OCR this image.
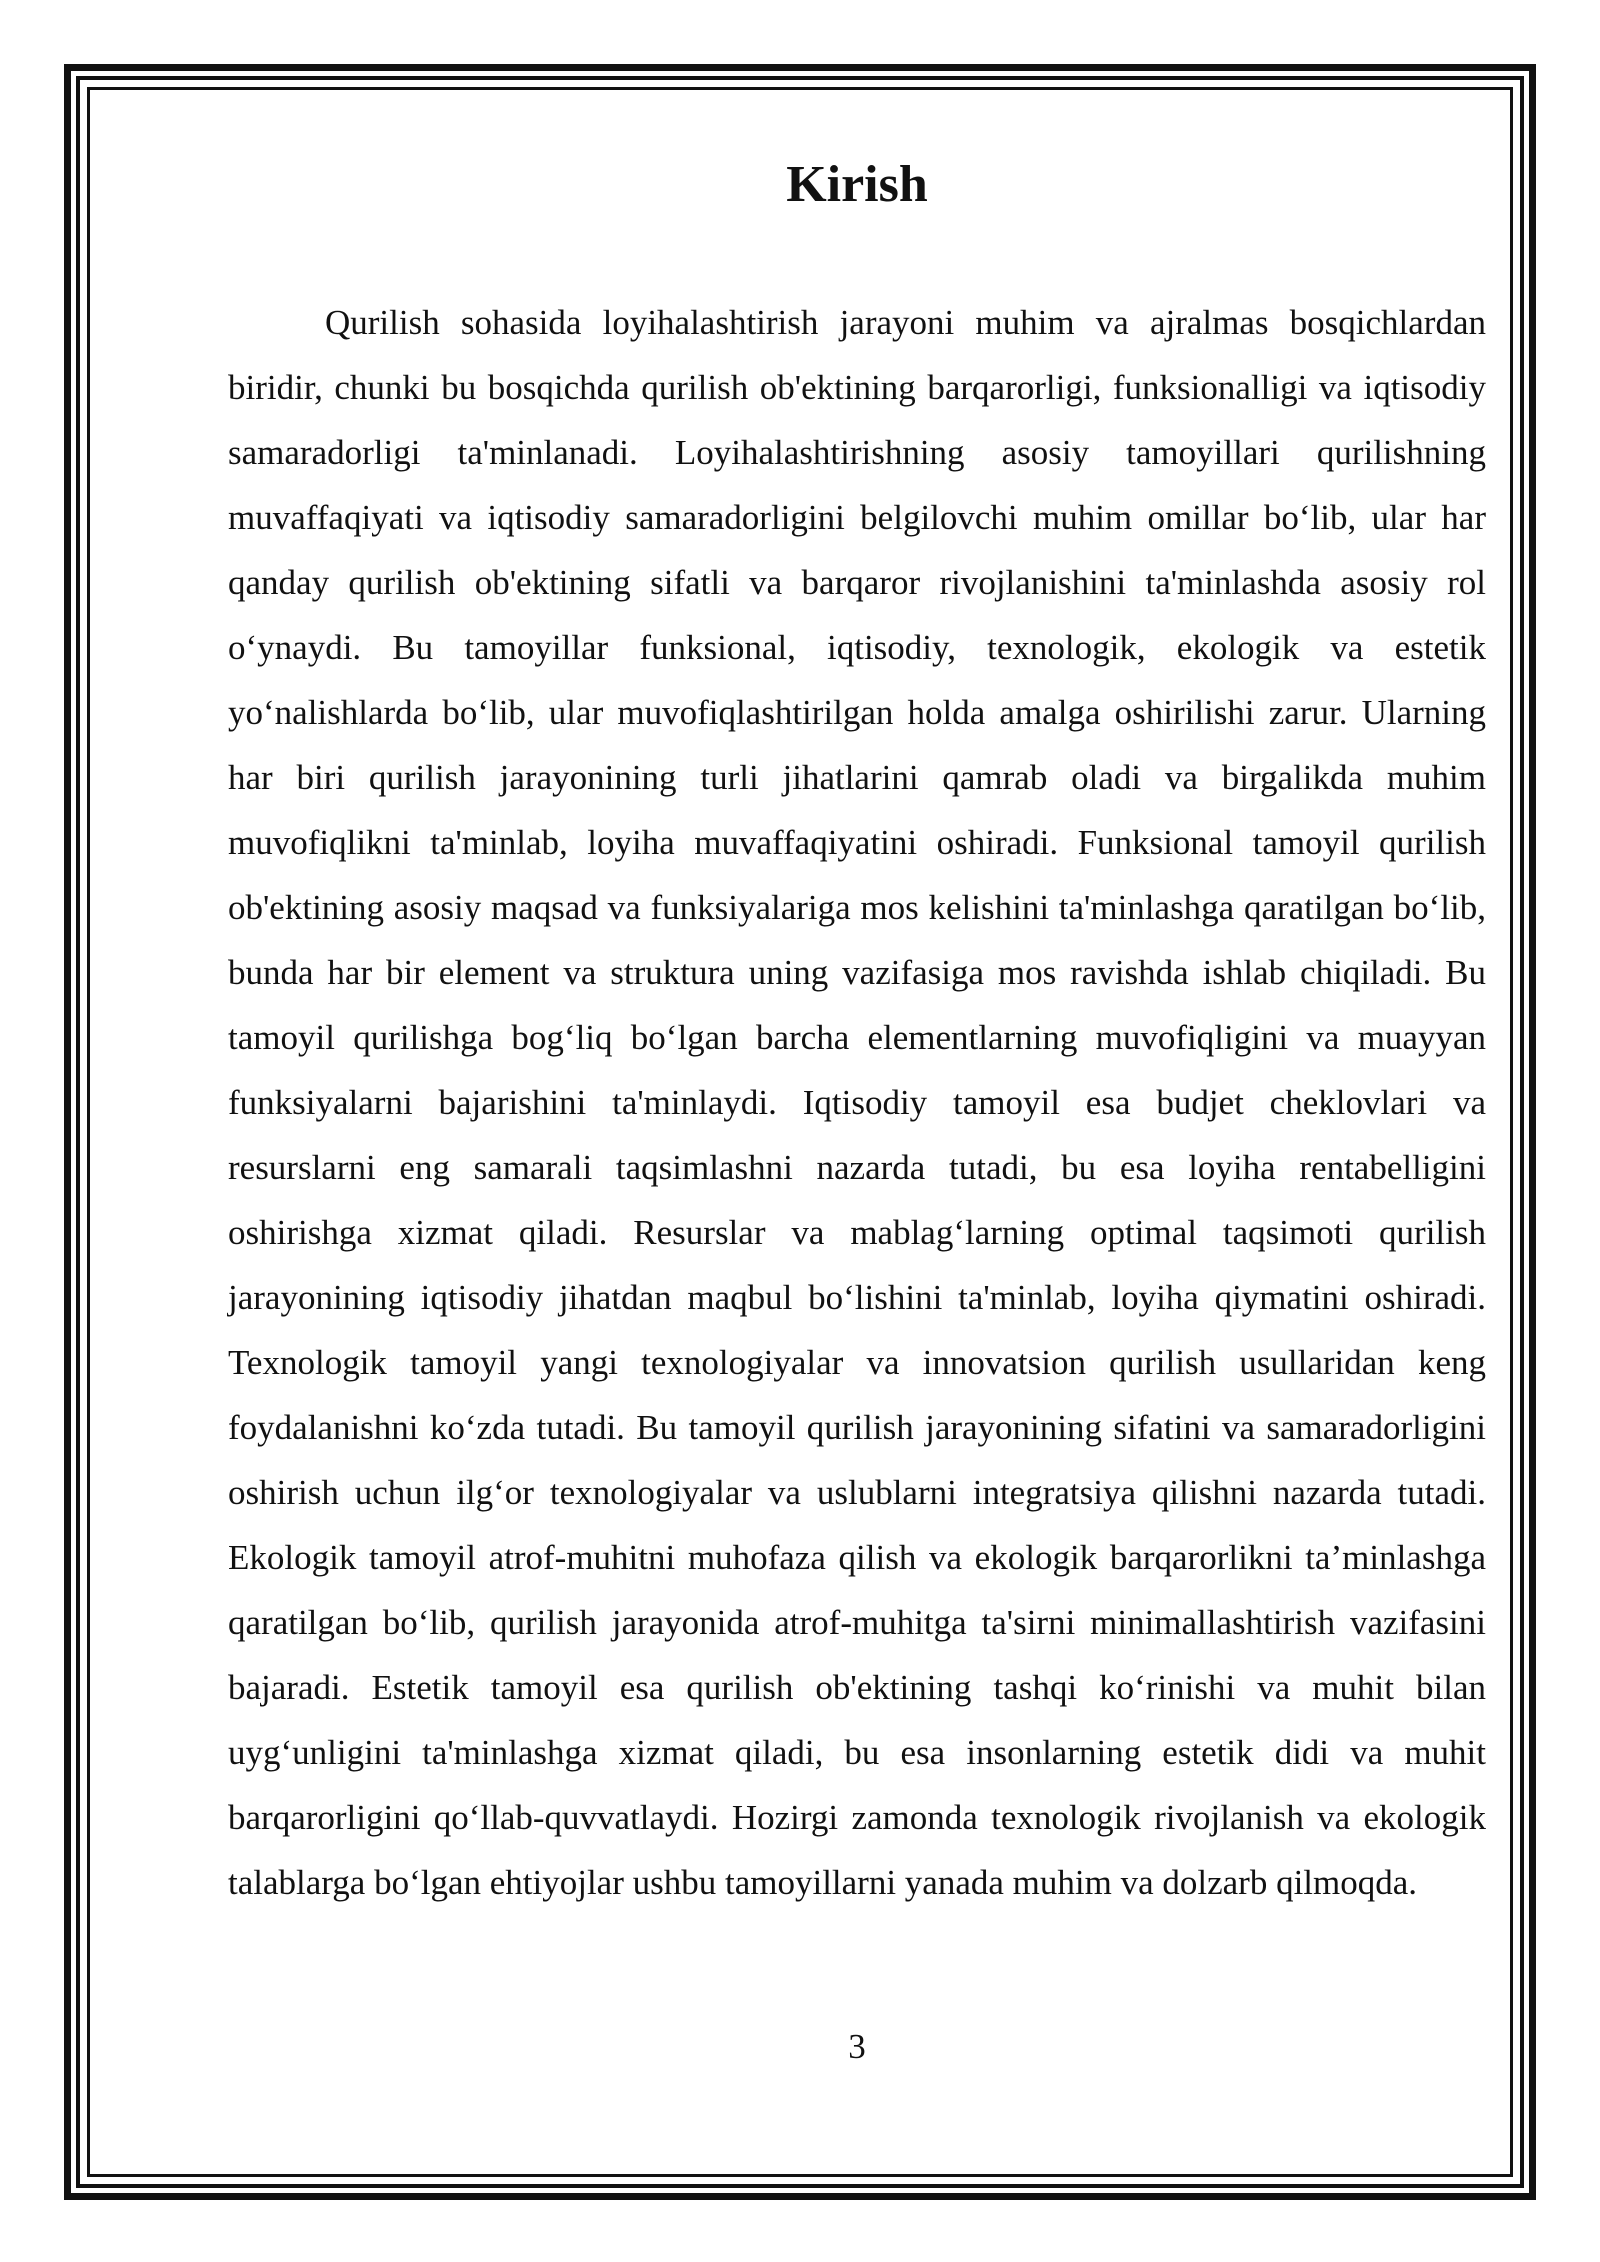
Kirish

Qurilish sohasida loyihalashtirish jarayoni muhim va ajralmas bosqichlardan biridir, chunki bu bosqichda qurilish ob'ektining barqarorligi, funksionalligi va iqtisodiy samaradorligi ta'minlanadi. Loyihalashtirishning asosiy tamoyillari qurilishning muvaffaqiyati va iqtisodiy samaradorligini belgilovchi muhim omillar bo‘lib, ular har qanday qurilish ob'ektining sifatli va barqaror rivojlanishini ta'minlashda asosiy rol o‘ynaydi. Bu tamoyillar funksional, iqtisodiy, texnologik, ekologik va estetik yo‘nalishlarda bo‘lib, ular muvofiqlashtirilgan holda amalga oshirilishi zarur. Ularning har biri qurilish jarayonining turli jihatlarini qamrab oladi va birgalikda muhim muvofiqlikni ta'minlab, loyiha muvaffaqiyatini oshiradi. Funksional tamoyil qurilish ob'ektining asosiy maqsad va funksiyalariga mos kelishini ta'minlashga qaratilgan bo‘lib, bunda har bir element va struktura uning vazifasiga mos ravishda ishlab chiqiladi. Bu tamoyil qurilishga bog‘liq bo‘lgan barcha elementlarning muvofiqligini va muayyan funksiyalarni bajarishini ta'minlaydi. Iqtisodiy tamoyil esa budjet cheklovlari va resurslarni eng samarali taqsimlashni nazarda tutadi, bu esa loyiha rentabelligini oshirishga xizmat qiladi. Resurslar va mablag‘larning optimal taqsimoti qurilish jarayonining iqtisodiy jihatdan maqbul bo‘lishini ta'minlab, loyiha qiymatini oshiradi. Texnologik tamoyil yangi texnologiyalar va innovatsion qurilish usullaridan keng foydalanishni ko‘zda tutadi. Bu tamoyil qurilish jarayonining sifatini va samaradorligini oshirish uchun ilg‘or texnologiyalar va uslublarni integratsiya qilishni nazarda tutadi. Ekologik tamoyil atrof-muhitni muhofaza qilish va ekologik barqarorlikni ta’minlashga qaratilgan bo‘lib, qurilish jarayonida atrof-muhitga ta'sirni minimallashtirish vazifasini bajaradi. Estetik tamoyil esa qurilish ob'ektining tashqi ko‘rinishi va muhit bilan uyg‘unligini ta'minlashga xizmat qiladi, bu esa insonlarning estetik didi va muhit barqarorligini qo‘llab-quvvatlaydi. Hozirgi zamonda texnologik rivojlanish va ekologik talablarga bo‘lgan ehtiyojlar ushbu tamoyillarni yanada muhim va dolzarb qilmoqda.

3
